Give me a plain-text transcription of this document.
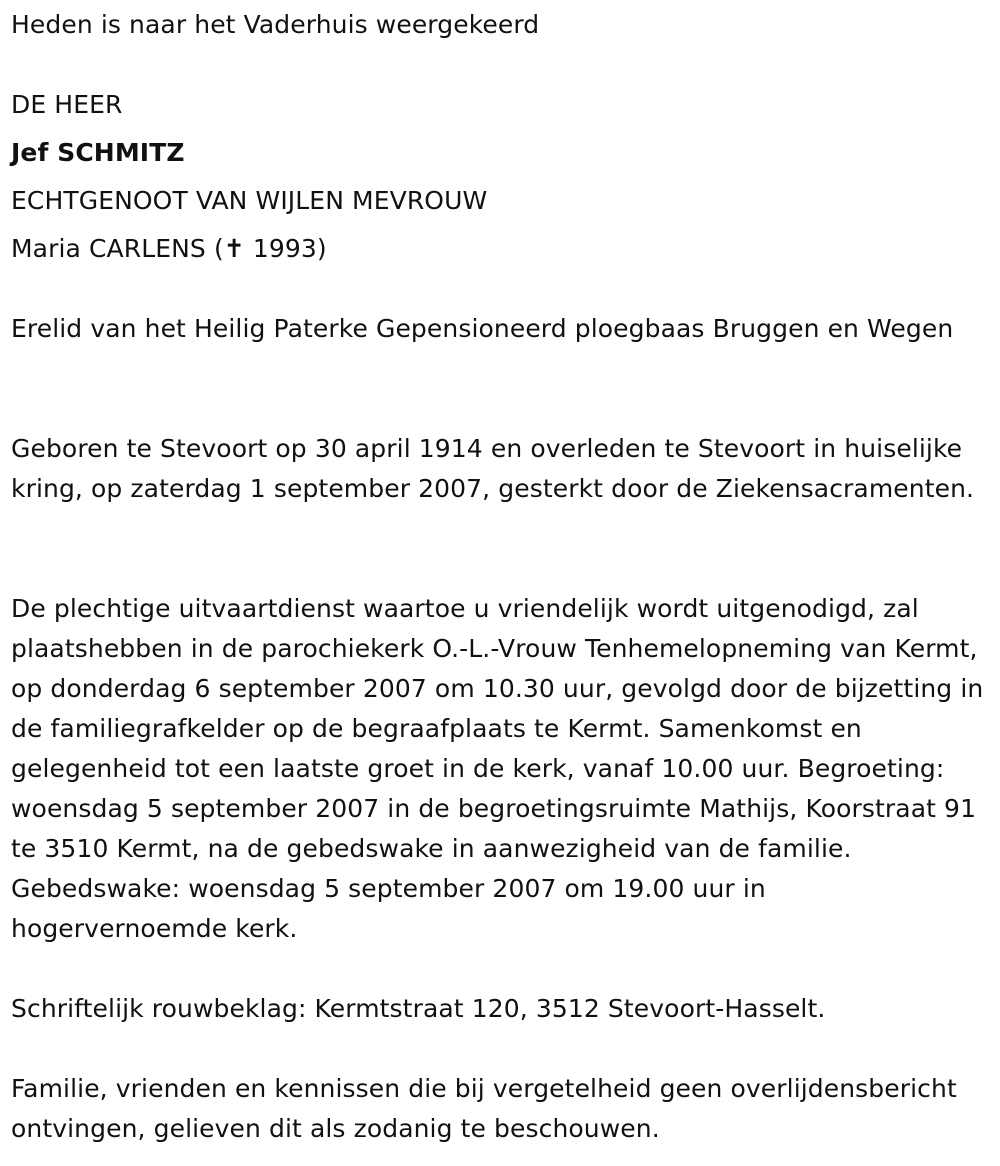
Heden is naar het Vaderhuis weergekeerd
DE HEER
Jef SCHMITZ
ECHTGENOOT VAN WIJLEN MEVROUW
Maria CARLENS (✝ 1993)
Erelid van het Heilig Paterke Gepensioneerd ploegbaas Bruggen en Wegen
Geboren te Stevoort op 30 april 1914 en overleden te Stevoort in huiselijke kring, op zaterdag 1 september 2007, gesterkt door de Ziekensacramenten.
De plechtige uitvaartdienst waartoe u vriendelijk wordt uitgenodigd, zal plaatshebben in de parochiekerk O.-L.-Vrouw Tenhemelopneming van Kermt, op donderdag 6 september 2007 om 10.30 uur, gevolgd door de bijzetting in de familiegrafkelder op de begraafplaats te Kermt. Samenkomst en gelegenheid tot een laatste groet in de kerk, vanaf 10.00 uur. Begroeting: woensdag 5 september 2007 in de begroetingsruimte Mathijs, Koorstraat 91 te 3510 Kermt, na de gebedswake in aanwezigheid van de familie. Gebedswake: woensdag 5 september 2007 om 19.00 uur in hogervernoemde kerk.
Schriftelijk rouwbeklag: Kermtstraat 120, 3512 Stevoort-Hasselt.
Familie, vrienden en kennissen die bij vergetelheid geen overlijdensbericht ontvingen, gelieven dit als zodanig te beschouwen.
